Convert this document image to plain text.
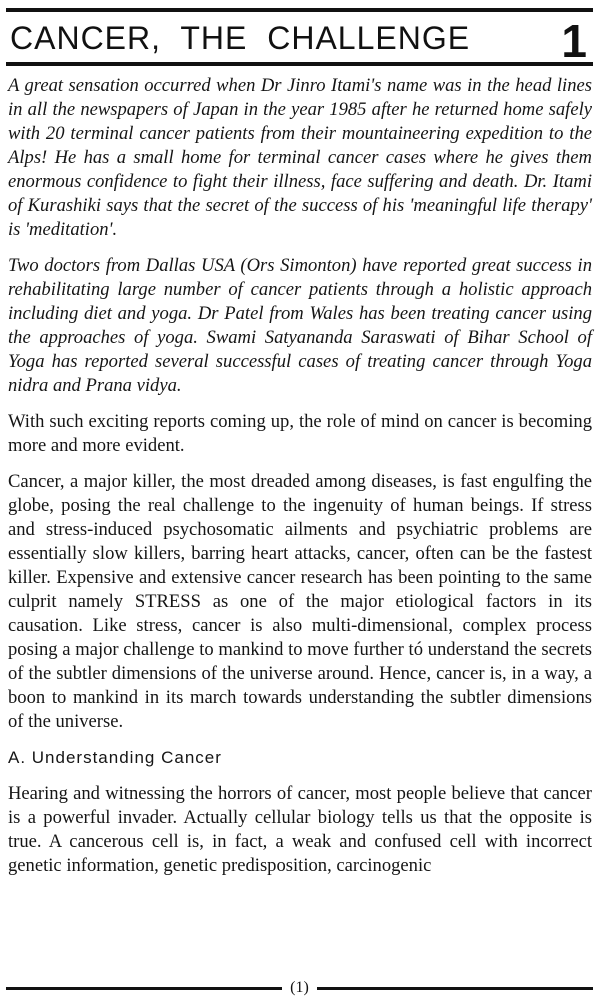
CANCER, THE CHALLENGE 1

A great sensation occurred when Dr Jinro Itami's name was in the head lines in all the newspapers of Japan in the year 1985 after he returned home safely with 20 terminal cancer patients from their mountaineering expedition to the Alps! He has a small home for terminal cancer cases where he gives them enormous confidence to fight their illness, face suffering and death. Dr. Itami of Kurashiki says that the secret of the success of his 'meaningful life therapy' is 'meditation'.

Two doctors from Dallas USA (Ors Simonton) have reported great success in rehabilitating large number of cancer patients through a holistic approach including diet and yoga. Dr Patel from Wales has been treating cancer using the approaches of yoga. Swami Satyananda Saraswati of Bihar School of Yoga has reported several successful cases of treating cancer through Yoga nidra and Prana vidya.

With such exciting reports coming up, the role of mind on cancer is becoming more and more evident.

Cancer, a major killer, the most dreaded among diseases, is fast engulfing the globe, posing the real challenge to the ingenuity of human beings. If stress and stress-induced psychosomatic ailments and psychiatric problems are essentially slow killers, barring heart attacks, cancer, often can be the fastest killer. Expensive and extensive cancer research has been pointing to the same culprit namely STRESS as one of the major etiological factors in its causation. Like stress, cancer is also multi-dimensional, complex process posing a major challenge to mankind to move further tó understand the secrets of the subtler dimensions of the universe around. Hence, cancer is, in a way, a boon to mankind in its march towards understanding the subtler dimensions of the universe.

A. Understanding Cancer

Hearing and witnessing the horrors of cancer, most people believe that cancer is a powerful invader. Actually cellular biology tells us that the opposite is true. A cancerous cell is, in fact, a weak and confused cell with incorrect genetic information, genetic predisposition, carcinogenic

(1)
